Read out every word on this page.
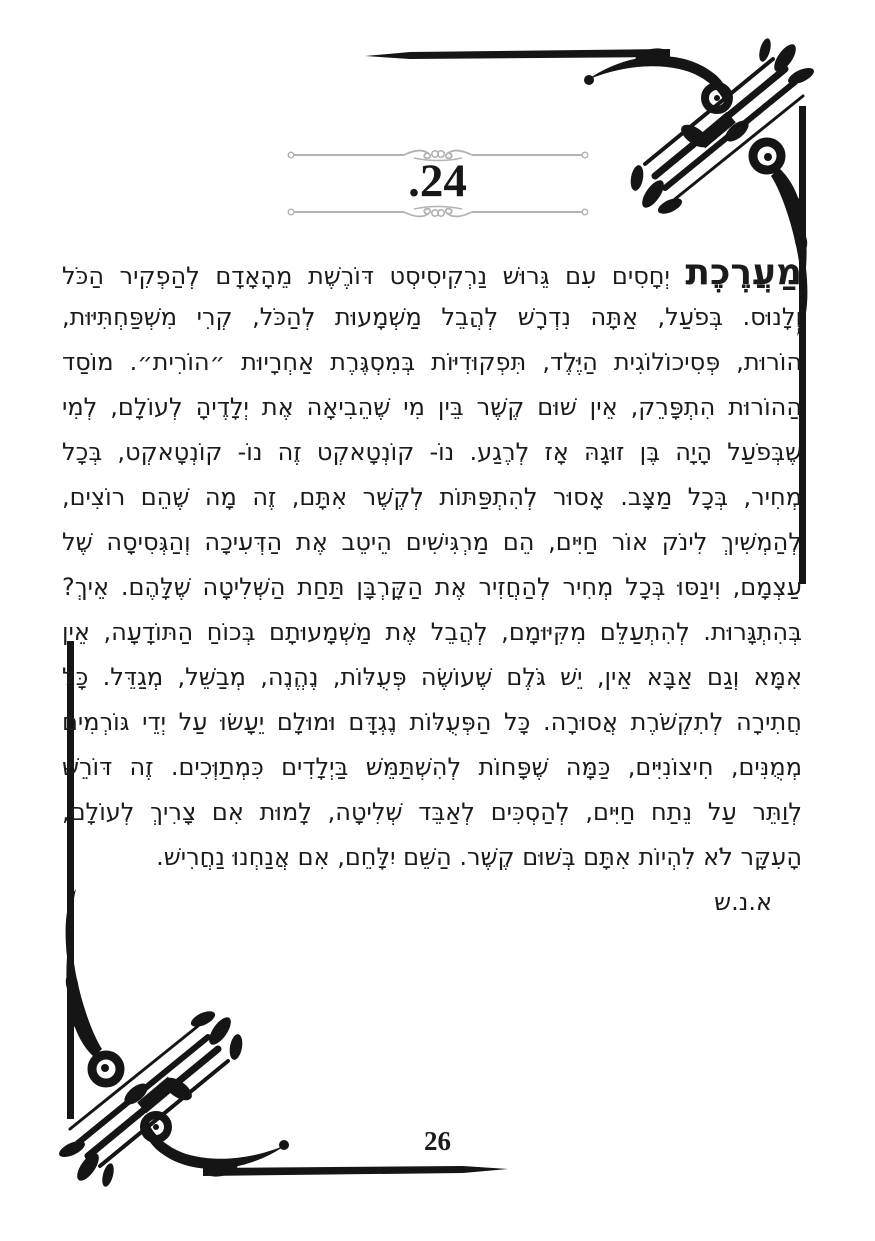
.24
מַעֲרֶכֶת יְחָסִים עִם גֵּרוּשׁ נַרְקִיסִיסְט דּוֹרֶשֶׁת מֵהָאָדָם לְהַפְקִיר הַכֹּל
וְלָנוּס. בְּפֹעַל, אַתָּה נִדְרָשׁ לְהֲבֵל מַשְׁמָעוּת לְהַכֹּל, קְרִי מִשְׁפַּחְתִּיּוּת,
הוֹרוּת, פְּסִיכוֹלוֹגִית הַיֶּלֶד, תִּפְקוּדִיּוֹת בְּמִסְגֶּרֶת אַחְרָיוּת ״הוֹרִית״. מוֹסַד
הַהוֹרוּת הִתְפָּרֵק, אֵין שׁוּם קֶשֶׁר בֵּין מִי שֶׁהֵבִיאָה אֶת יְלָדֶיהָ לְעוֹלָם, לְמִי
שֶׁבְּפֹעַל הָיָה בֶּן זוּגָהּ אָז לְרֶגַע. נוֹ- קוֹנְטָאקְט זֶה נוֹ- קוֹנְטָאקְט, בְּכָל
מְחִיר, בְּכָל מַצָּב. אָסוּר לְהִתְפַּתּוֹת לְקֶשֶׁר אִתָּם, זֶה מָה שֶׁהֵם רוֹצִים,
לְהַמְשִׁיךְ לִינֹק אוֹר חַיִּים, הֵם מַרְגִּישִׁים הֵיטֵב אֶת הַדְּעִיכָה וְהַגְּסִיסָה שֶׁל
עַצְמָם, וִינַסּוּ בְּכָל מְחִיר לְהַחֲזִיר אֶת הַקָּרְבָּן תַּחַת הַשְּׁלִיטָה שֶׁלָּהֶם. אֵיךְ?
בְּהִתְגָּרוּת. לְהִתְעַלֵּם מִקִּיּוּמָם, לְהֲבֵל אֶת מַשְׁמָעוּתָם בְּכוֹחַ הַתּוֹדָעָה, אֵין
אִמָּא וְגַם אַבָּא אֵין, יֵשׁ גֹּלֶם שֶׁעוֹשֶׂה פְּעֻלּוֹת, נֶהֱנֶה, מְבַשֵּׁל, מְגַדֵּל. כָּל
חֲתִירָה לְתִקְשֹׁרֶת אֲסוּרָה. כָּל הַפְּעֻלּוֹת נֶגְדָּם וּמוּלָם יֵעָשׂוּ עַל יְדֵי גּוֹרְמִים
מְמֻנִּים, חִיצוֹנִיִּים, כַּמָּה שֶׁפָּחוֹת לְהִשְׁתַּמֵּשׁ בַּיְלָדִים כִּמְתַוְּכִים. זֶה דּוֹרֵשׁ
לְוַתֵּר עַל נֵתַח חַיִּים, לְהַסְכִּים לְאַבֵּד שְׁלִיטָה, לָמוּת אִם צָרִיךְ לְעוֹלָם,
הָעִקָּר לֹא לִהְיוֹת אִתָּם בְּשׁוּם קֶשֶׁר. הַשֵּׁם יִלָּחֵם, אִם אֲנַחְנוּ נַחֲרִישׁ.
א.נ.ש
26
